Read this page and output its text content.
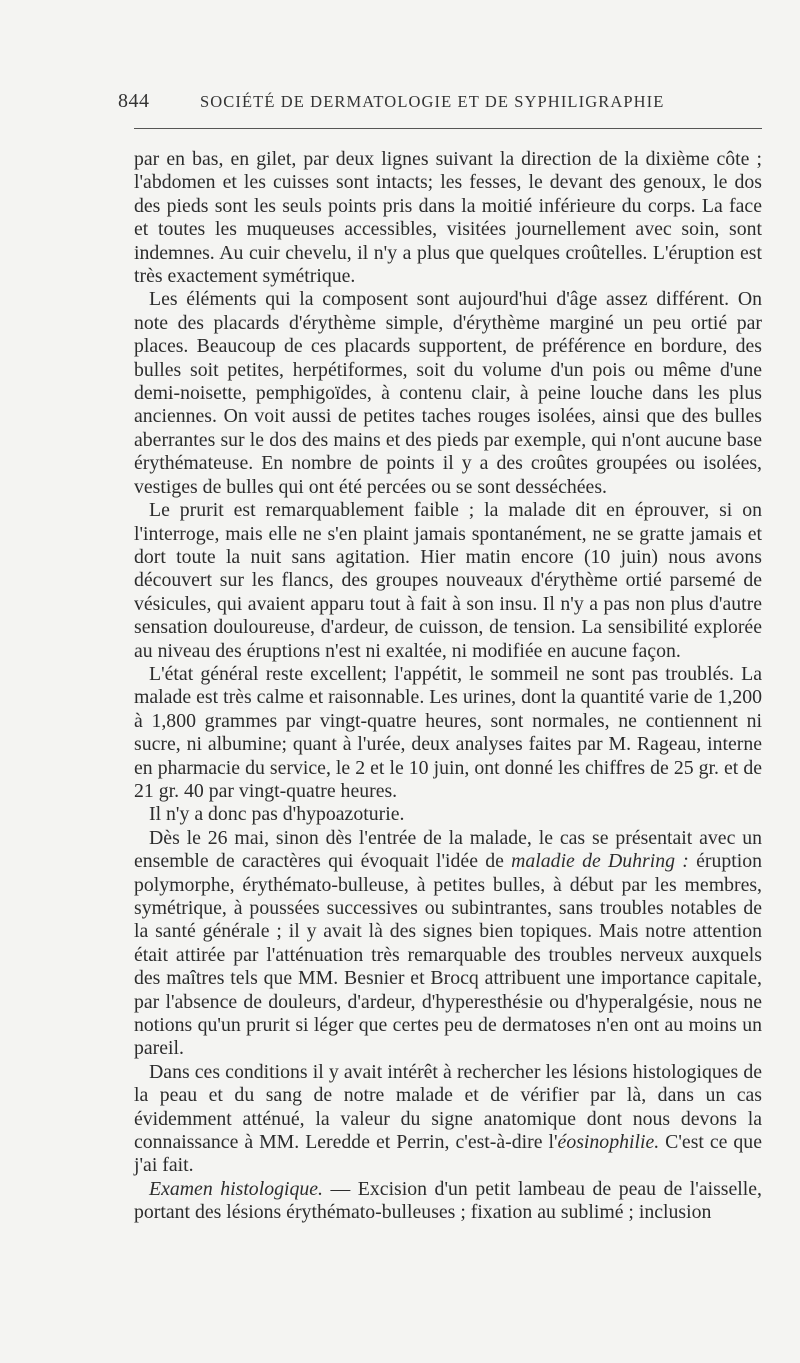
844	SOCIÉTÉ DE DERMATOLOGIE ET DE SYPHILIGRAPHIE

par en bas, en gilet, par deux lignes suivant la direction de la dixième côte ; l'abdomen et les cuisses sont intacts; les fesses, le devant des genoux, le dos des pieds sont les seuls points pris dans la moitié inférieure du corps. La face et toutes les muqueuses accessibles, visitées journellement avec soin, sont indemnes. Au cuir chevelu, il n'y a plus que quelques croûtelles. L'éruption est très exactement symétrique.

Les éléments qui la composent sont aujourd'hui d'âge assez différent. On note des placards d'érythème simple, d'érythème marginé un peu ortié par places. Beaucoup de ces placards supportent, de préférence en bordure, des bulles soit petites, herpétiformes, soit du volume d'un pois ou même d'une demi-noisette, pemphigoïdes, à contenu clair, à peine louche dans les plus anciennes. On voit aussi de petites taches rouges isolées, ainsi que des bulles aberrantes sur le dos des mains et des pieds par exemple, qui n'ont aucune base érythémateuse. En nombre de points il y a des croûtes groupées ou isolées, vestiges de bulles qui ont été percées ou se sont desséchées.

Le prurit est remarquablement faible ; la malade dit en éprouver, si on l'interroge, mais elle ne s'en plaint jamais spontanément, ne se gratte jamais et dort toute la nuit sans agitation. Hier matin encore (10 juin) nous avons découvert sur les flancs, des groupes nouveaux d'érythème ortié parsemé de vésicules, qui avaient apparu tout à fait à son insu. Il n'y a pas non plus d'autre sensation douloureuse, d'ardeur, de cuisson, de tension. La sensibilité explorée au niveau des éruptions n'est ni exaltée, ni modifiée en aucune façon.

L'état général reste excellent; l'appétit, le sommeil ne sont pas troublés. La malade est très calme et raisonnable. Les urines, dont la quantité varie de 1,200 à 1,800 grammes par vingt-quatre heures, sont normales, ne contiennent ni sucre, ni albumine; quant à l'urée, deux analyses faites par M. Rageau, interne en pharmacie du service, le 2 et le 10 juin, ont donné les chiffres de 25 gr. et de 21 gr. 40 par vingt-quatre heures.

Il n'y a donc pas d'hypoazoturie.

Dès le 26 mai, sinon dès l'entrée de la malade, le cas se présentait avec un ensemble de caractères qui évoquait l'idée de maladie de Duhring : éruption polymorphe, érythémato-bulleuse, à petites bulles, à début par les membres, symétrique, à poussées successives ou subintrantes, sans troubles notables de la santé générale ; il y avait là des signes bien topiques. Mais notre attention était attirée par l'atténuation très remarquable des troubles nerveux auxquels des maîtres tels que MM. Besnier et Brocq attribuent une importance capitale, par l'absence de douleurs, d'ardeur, d'hyperesthésie ou d'hyperalgésie, nous ne notions qu'un prurit si léger que certes peu de dermatoses n'en ont au moins un pareil.

Dans ces conditions il y avait intérêt à rechercher les lésions histologiques de la peau et du sang de notre malade et de vérifier par là, dans un cas évidemment atténué, la valeur du signe anatomique dont nous devons la connaissance à MM. Leredde et Perrin, c'est-à-dire l'éosinophilie. C'est ce que j'ai fait.

Examen histologique. — Excision d'un petit lambeau de peau de l'aisselle, portant des lésions érythémato-bulleuses ; fixation au sublimé ; inclusion
